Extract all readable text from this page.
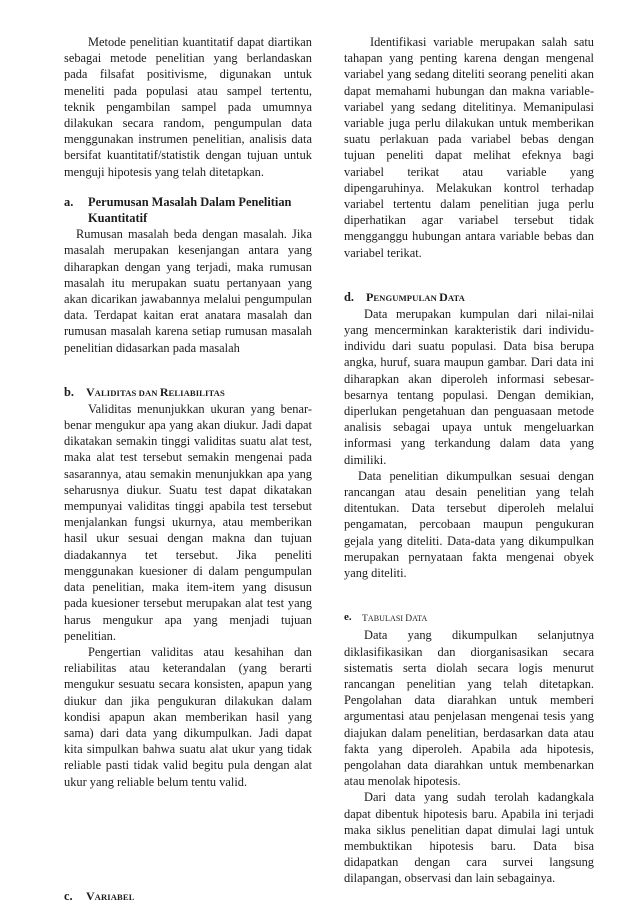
Metode penelitian kuantitatif dapat diartikan sebagai metode penelitian yang berlandaskan pada filsafat positivisme, digunakan untuk meneliti pada populasi atau sampel tertentu, teknik pengambilan sampel pada umumnya dilakukan secara random, pengumpulan data menggunakan instrumen penelitian, analisis data bersifat kuantitatif/statistik dengan tujuan untuk menguji hipotesis yang telah ditetapkan.

a.	Perumusan Masalah Dalam Penelitian Kuantitatif

Rumusan masalah beda dengan masalah. Jika masalah merupakan kesenjangan antara yang diharapkan dengan yang terjadi, maka rumusan masalah itu merupakan suatu pertanyaan yang akan dicarikan jawabannya melalui pengumpulan data. Terdapat kaitan erat anatara masalah dan rumusan masalah karena setiap rumusan masalah penelitian didasarkan pada masalah

b.	VALIDITAS DAN RELIABILITAS

Validitas menunjukkan ukuran yang benar-benar mengukur apa yang akan diukur. Jadi dapat dikatakan semakin tinggi validitas suatu alat test, maka alat test tersebut semakin mengenai pada sasarannya, atau semakin menunjukkan apa yang seharusnya diukur. Suatu test dapat dikatakan mempunyai validitas tinggi apabila test tersebut menjalankan fungsi ukurnya, atau memberikan hasil ukur sesuai dengan makna dan tujuan diadakannya tet tersebut. Jika peneliti menggunakan kuesioner di dalam pengumpulan data penelitian, maka item-item yang disusun pada kuesioner tersebut merupakan alat test yang harus mengukur apa yang menjadi tujuan penelitian.

Pengertian validitas atau kesahihan dan reliabilitas atau keterandalan (yang berarti mengukur sesuatu secara konsisten, apapun yang diukur dan jika pengukuran dilakukan dalam kondisi apapun akan memberikan hasil yang sama) dari data yang dikumpulkan. Jadi dapat kita simpulkan bahwa suatu alat ukur yang tidak reliable pasti tidak valid begitu pula dengan alat ukur yang reliable belum tentu valid.

c.	VARIABEL

Identifikasi variable merupakan salah satu tahapan yang penting karena dengan mengenal variabel yang sedang diteliti seorang peneliti akan dapat memahami hubungan dan makna variable-variabel yang sedang ditelitinya. Memanipulasi variable juga perlu dilakukan untuk memberikan suatu perlakuan pada variabel bebas dengan tujuan peneliti dapat melihat efeknya bagi variabel terikat atau variable yang dipengaruhinya. Melakukan kontrol terhadap variabel tertentu dalam penelitian juga perlu diperhatikan agar variabel tersebut tidak mengganggu hubungan antara variable bebas dan variabel terikat.

d.	PENGUMPULAN DATA

Data merupakan kumpulan dari nilai-nilai yang mencerminkan karakteristik dari individu-individu dari suatu populasi. Data bisa berupa angka, huruf, suara maupun gambar. Dari data ini diharapkan akan diperoleh informasi sebesar-besarnya tentang populasi. Dengan demikian, diperlukan pengetahuan dan penguasaan metode analisis sebagai upaya untuk mengeluarkan informasi yang terkandung dalam data yang dimiliki.

Data penelitian dikumpulkan sesuai dengan rancangan atau desain penelitian yang telah ditentukan. Data tersebut diperoleh melalui pengamatan, percobaan maupun pengukuran gejala yang diteliti. Data-data yang dikumpulkan merupakan pernyataan fakta mengenai obyek yang diteliti.

e.	TABULASI DATA

Data yang dikumpulkan selanjutnya diklasifikasikan dan diorganisasikan secara sistematis serta diolah secara logis menurut rancangan penelitian yang telah ditetapkan. Pengolahan data diarahkan untuk memberi argumentasi atau penjelasan mengenai tesis yang diajukan dalam penelitian, berdasarkan data atau fakta yang diperoleh. Apabila ada hipotesis, pengolahan data diarahkan untuk membenarkan atau menolak hipotesis.

Dari data yang sudah terolah kadangkala dapat dibentuk hipotesis baru. Apabila ini terjadi maka siklus penelitian dapat dimulai lagi untuk membuktikan hipotesis baru. Data bisa didapatkan dengan cara survei langsung dilapangan, observasi dan lain sebagainya.
